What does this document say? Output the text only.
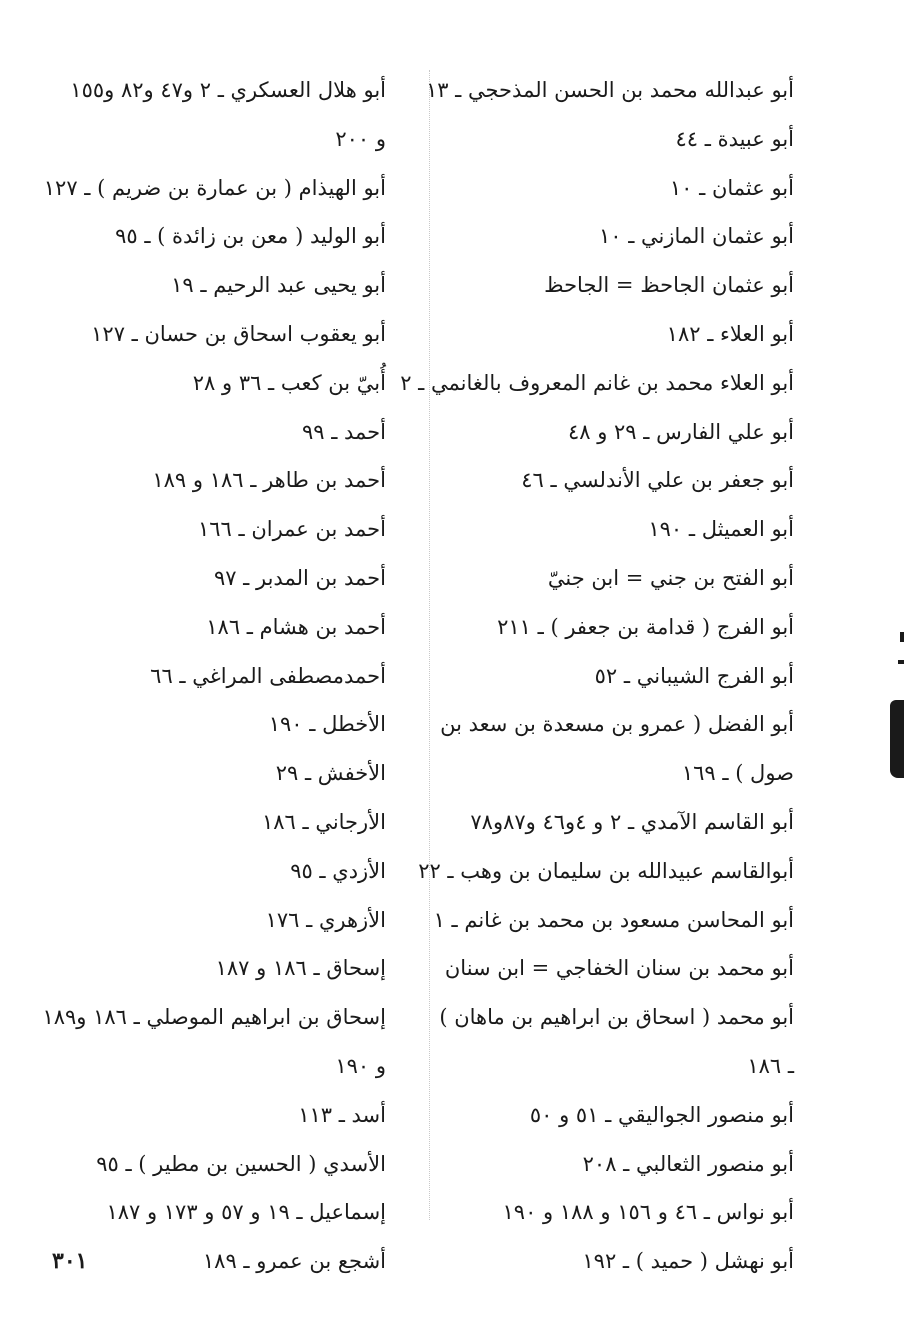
أبو عبدالله محمد بن الحسن المذحجي ـ ١٣
أبو عبيدة ـ ٤٤
أبو عثمان ـ ١٠
أبو عثمان المازني ـ ١٠
أبو عثمان الجاحظ = الجاحظ
أبو العلاء ـ ١٨٢
أبو العلاء محمد بن غانم المعروف بالغانمي ـ ٢
أبو علي الفارس ـ ٢٩ و ٤٨
أبو جعفر بن علي الأندلسي ـ ٤٦
أبو العميثل ـ ١٩٠
أبو الفتح بن جني = ابن جنيّ
أبو الفرج ( قدامة بن جعفر ) ـ ٢١١
أبو الفرج الشيباني ـ ٥٢
أبو الفضل ( عمرو بن مسعدة بن سعد بن
صول ) ـ ١٦٩
أبو القاسم الآمدي ـ ٢ و ٤و٤٦ و٨٧و٧٨
أبوالقاسم عبيدالله بن سليمان بن وهب ـ ٢٢
أبو المحاسن مسعود بن محمد بن غانم ـ ١
أبو محمد بن سنان الخفاجي = ابن سنان
أبو محمد ( اسحاق بن ابراهيم بن ماهان )
ـ ١٨٦
أبو منصور الجواليقي ـ ٥١ و ٥٠
أبو منصور الثعالبي ـ ٢٠٨
أبو نواس ـ ٤٦ و ١٥٦ و ١٨٨ و ١٩٠
أبو نهشل ( حميد ) ـ ١٩٢
أبو هلال العسكري ـ ٢ و٤٧ و٨٢ و١٥٥
و ٢٠٠
أبو الهيذام ( بن عمارة بن ضريم ) ـ ١٢٧
أبو الوليد ( معن بن زائدة ) ـ ٩٥
أبو يحيى عبد الرحيم ـ ١٩
أبو يعقوب اسحاق بن حسان ـ ١٢٧
أُبيّ بن كعب ـ ٣٦ و ٢٨
أحمد ـ ٩٩
أحمد بن طاهر ـ ١٨٦ و ١٨٩
أحمد بن عمران ـ ١٦٦
أحمد بن المدبر ـ ٩٧
أحمد بن هشام ـ ١٨٦
أحمدمصطفى المراغي ـ ٦٦
الأخطل ـ ١٩٠
الأخفش ـ ٢٩
الأرجاني ـ ١٨٦
الأزدي ـ ٩٥
الأزهري ـ ١٧٦
إسحاق ـ ١٨٦ و ١٨٧
إسحاق بن ابراهيم الموصلي ـ ١٨٦ و١٨٩
و ١٩٠
أسد ـ ١١٣
الأسدي ( الحسين بن مطير ) ـ ٩٥
إسماعيل ـ ١٩ و ٥٧ و ١٧٣ و ١٨٧
أشجع بن عمرو ـ ١٨٩
٣٠١
